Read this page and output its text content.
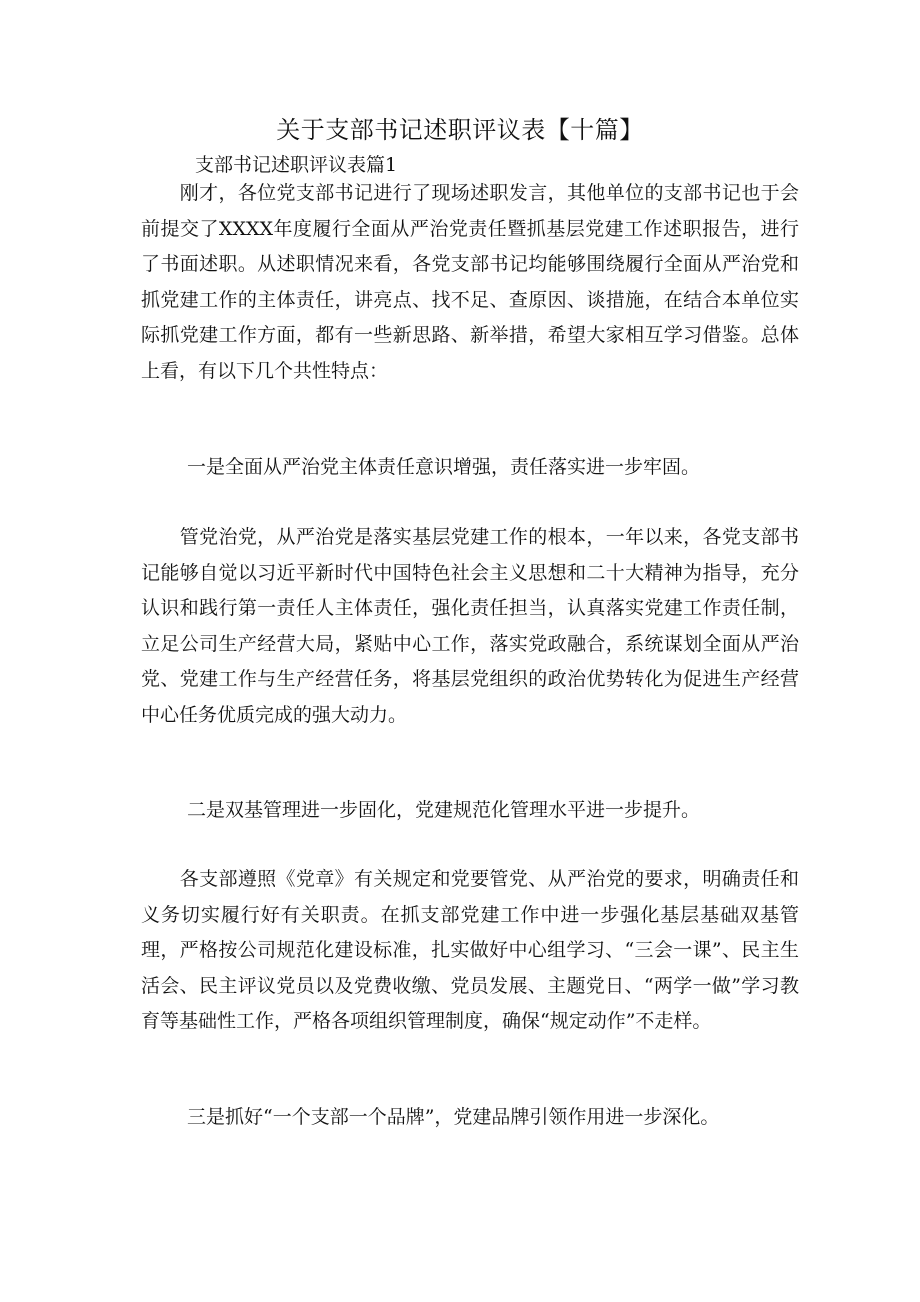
关于支部书记述职评议表【十篇】

支部书记述职评议表篇1

　　刚才，各位党支部书记进行了现场述职发言，其他单位的支部书记也于会前提交了XXXX年度履行全面从严治党责任暨抓基层党建工作述职报告，进行了书面述职。从述职情况来看，各党支部书记均能够围绕履行全面从严治党和抓党建工作的主体责任，讲亮点、找不足、查原因、谈措施，在结合本单位实际抓党建工作方面，都有一些新思路、新举措，希望大家相互学习借鉴。总体上看，有以下几个共性特点：

一是全面从严治党主体责任意识增强，责任落实进一步牢固。

　　管党治党，从严治党是落实基层党建工作的根本，一年以来，各党支部书记能够自觉以习近平新时代中国特色社会主义思想和二十大精神为指导，充分认识和践行第一责任人主体责任，强化责任担当，认真落实党建工作责任制，立足公司生产经营大局，紧贴中心工作，落实党政融合，系统谋划全面从严治党、党建工作与生产经营任务，将基层党组织的政治优势转化为促进生产经营中心任务优质完成的强大动力。

二是双基管理进一步固化，党建规范化管理水平进一步提升。

　　各支部遵照《党章》有关规定和党要管党、从严治党的要求，明确责任和义务切实履行好有关职责。在抓支部党建工作中进一步强化基层基础双基管理，严格按公司规范化建设标准，扎实做好中心组学习、“三会一课”、民主生活会、民主评议党员以及党费收缴、党员发展、主题党日、“两学一做”学习教育等基础性工作，严格各项组织管理制度，确保“规定动作”不走样。

三是抓好“一个支部一个品牌”，党建品牌引领作用进一步深化。
